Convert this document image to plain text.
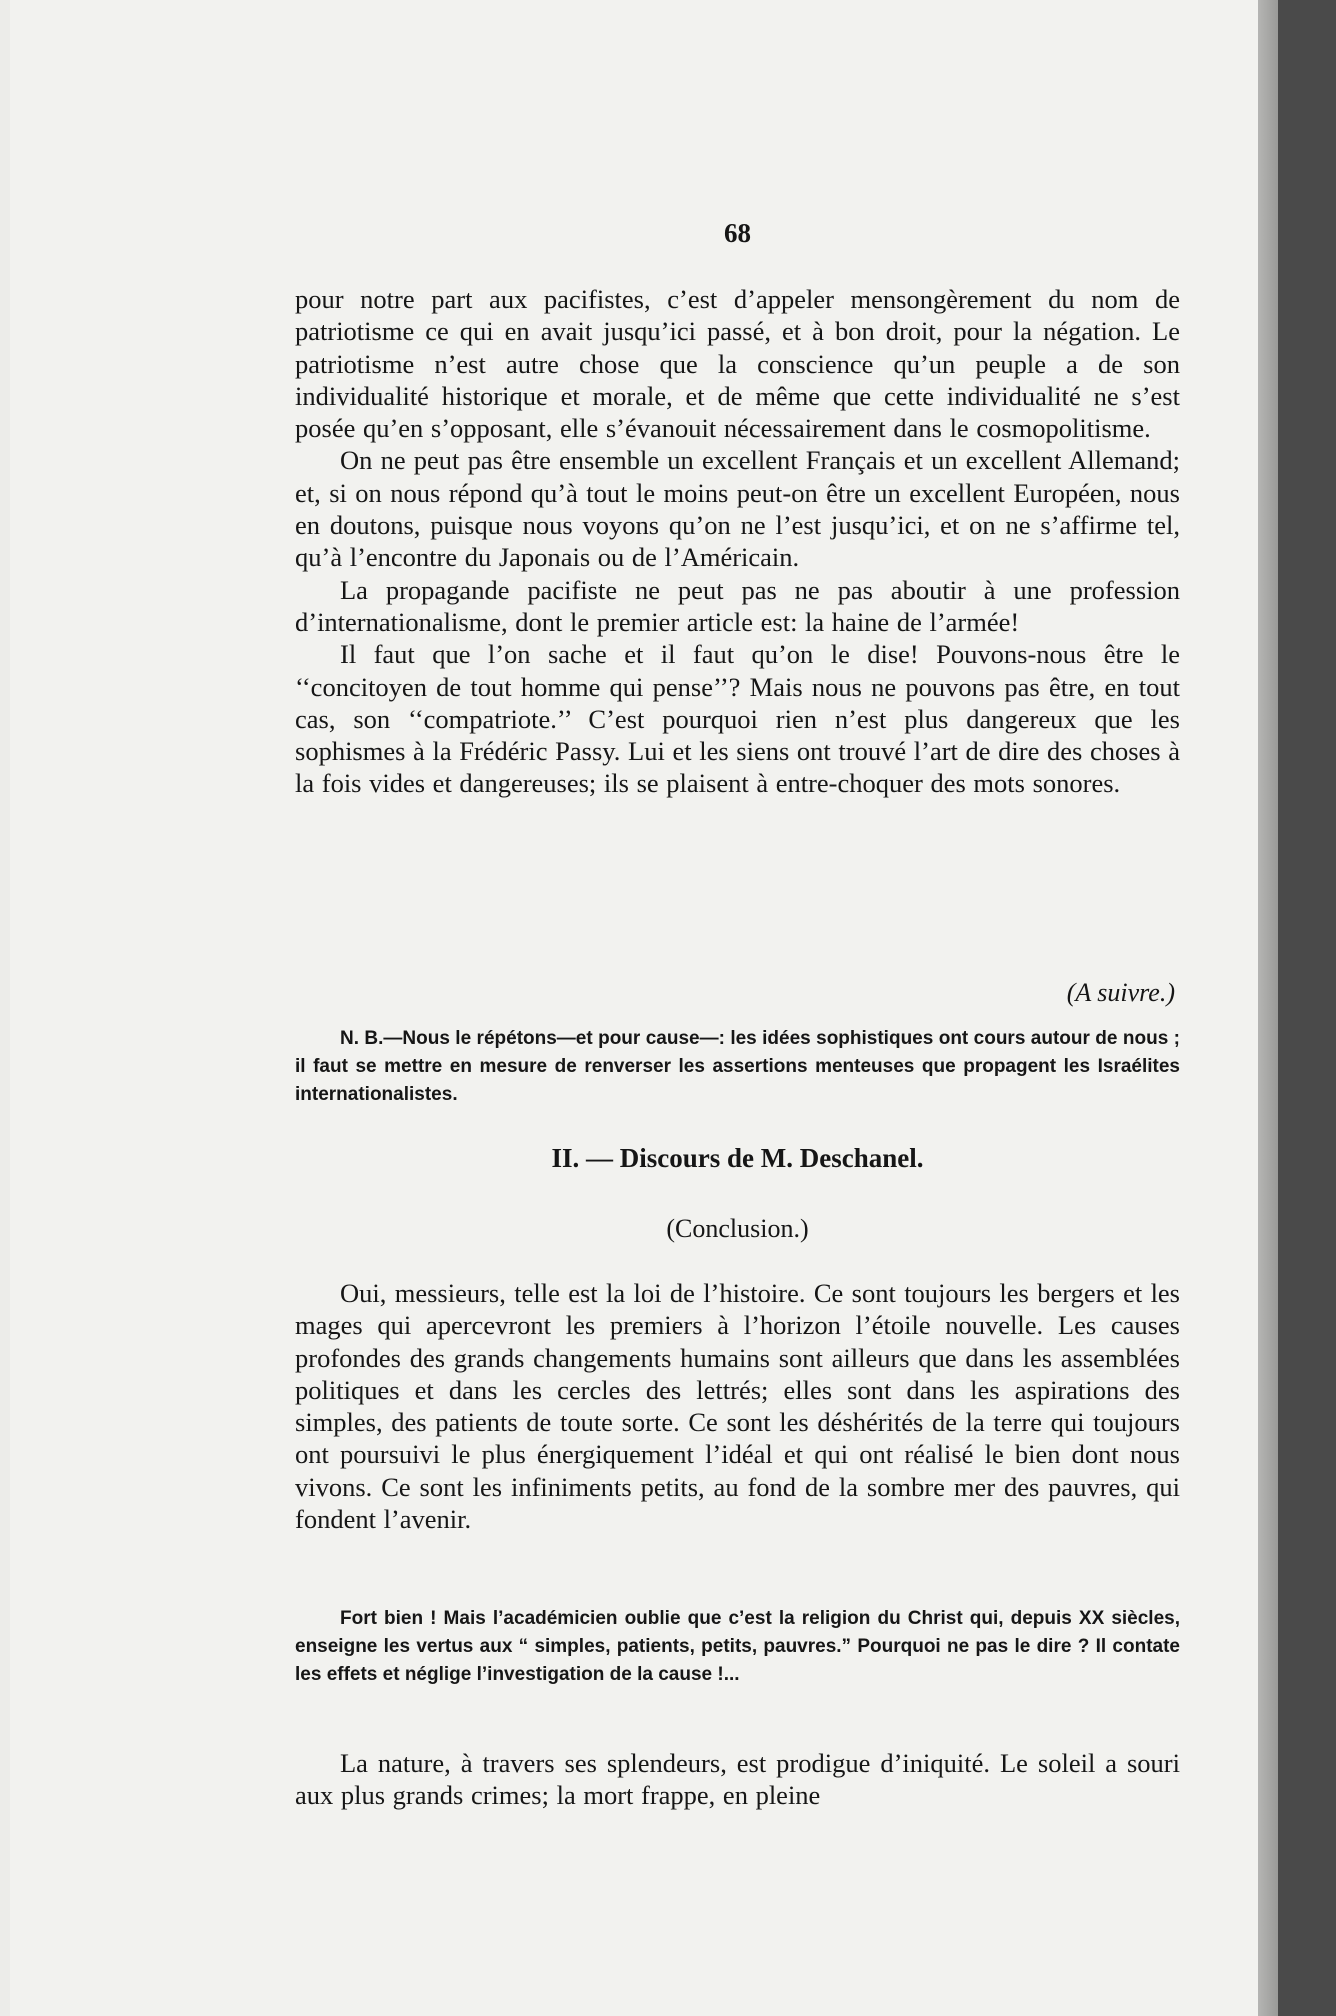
68

pour notre part aux pacifistes, c’est d’appeler mensongèrement du nom de patriotisme ce qui en avait jusqu’ici passé, et à bon droit, pour la négation. Le patriotisme n’est autre chose que la conscience qu’un peuple a de son individualité historique et morale, et de même que cette individualité ne s’est posée qu’en s’opposant, elle s’évanouit nécessairement dans le cosmopolitisme.

On ne peut pas être ensemble un excellent Français et un excellent Allemand; et, si on nous répond qu’à tout le moins peut-on être un excellent Européen, nous en doutons, puisque nous voyons qu’on ne l’est jusqu’ici, et on ne s’affirme tel, qu’à l’encontre du Japonais ou de l’Américain.

La propagande pacifiste ne peut pas ne pas aboutir à une profession d’internationalisme, dont le premier article est: la haine de l’armée!

Il faut que l’on sache et il faut qu’on le dise! Pouvons-nous être le ‘‘concitoyen de tout homme qui pense’’? Mais nous ne pouvons pas être, en tout cas, son ‘‘compatriote.’’ C’est pourquoi rien n’est plus dangereux que les sophismes à la Frédéric Passy. Lui et les siens ont trouvé l’art de dire des choses à la fois vides et dangereuses; ils se plaisent à entre-choquer des mots sonores.

(A suivre.)

N. B.—Nous le répétons—et pour cause—: les idées sophistiques ont cours autour de nous ; il faut se mettre en mesure de renverser les assertions menteuses que propagent les Israélites internationalistes.

II. — Discours de M. Deschanel.
(Conclusion.)

Oui, messieurs, telle est la loi de l’histoire. Ce sont toujours les bergers et les mages qui apercevront les premiers à l’horizon l’étoile nouvelle. Les causes profondes des grands changements humains sont ailleurs que dans les assemblées politiques et dans les cercles des lettrés; elles sont dans les aspirations des simples, des patients de toute sorte. Ce sont les déshérités de la terre qui toujours ont poursuivi le plus énergiquement l’idéal et qui ont réalisé le bien dont nous vivons. Ce sont les infiniments petits, au fond de la sombre mer des pauvres, qui fondent l’avenir.

Fort bien ! Mais l’académicien oublie que c’est la religion du Christ qui, depuis XX siècles, enseigne les vertus aux “ simples, patients, petits, pauvres.” Pourquoi ne pas le dire ? Il contate les effets et néglige l’investigation de la cause !...

La nature, à travers ses splendeurs, est prodigue d’iniquité. Le soleil a souri aux plus grands crimes; la mort frappe, en pleine
